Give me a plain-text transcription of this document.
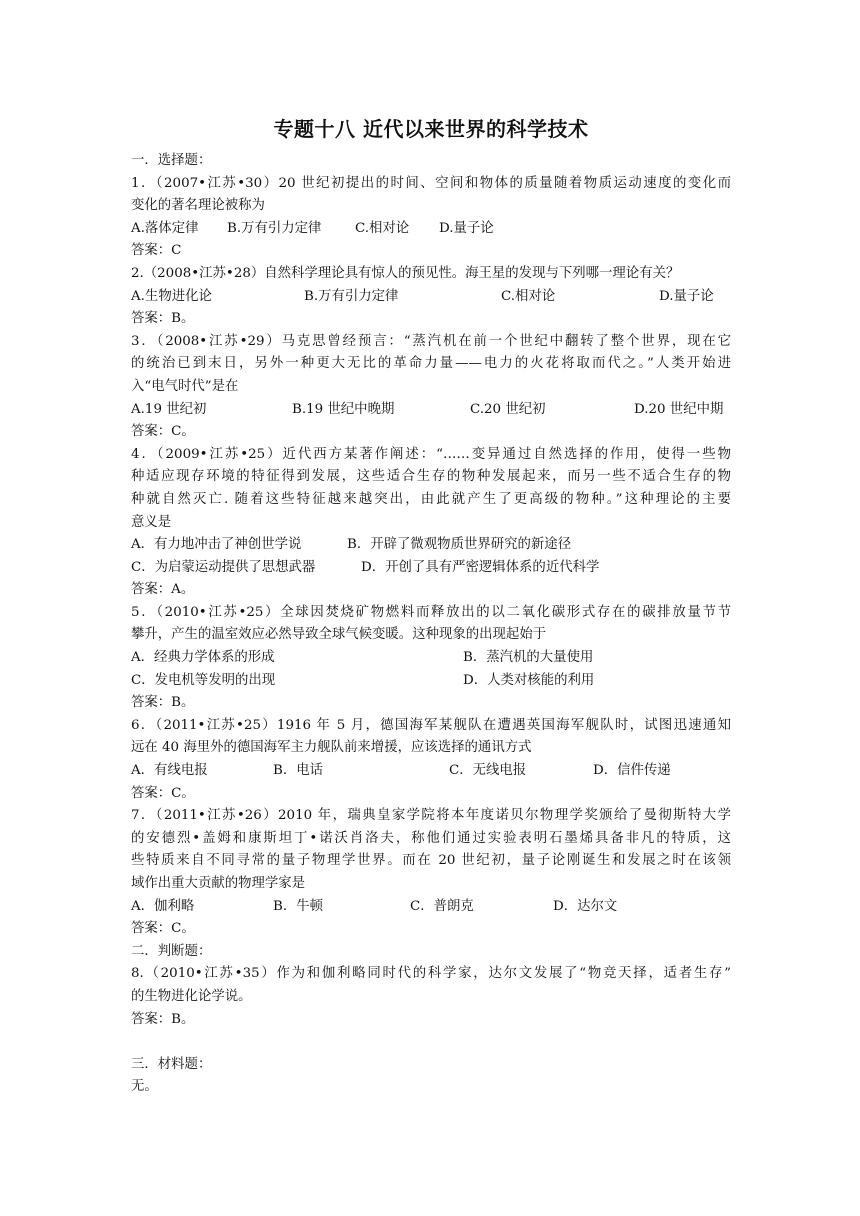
专题十八 近代以来世界的科学技术
一．选择题：
1．（2007•江苏•30）20 世纪初提出的时间、空间和物体的质量随着物质运动速度的变化而
变化的著名理论被称为
A.落体定律	B.万有引力定律	C.相对论	D.量子论
答案：C
2.（2008•江苏•28）自然科学理论具有惊人的预见性。海王星的发现与下列哪一理论有关？
A.生物进化论	B.万有引力定律	C.相对论	D.量子论
答案：B。
3．（2008•江苏•29）马克思曾经预言：“蒸汽机在前一个世纪中翻转了整个世界，现在它
的统治已到末日，另外一种更大无比的革命力量——电力的火花将取而代之。”人类开始进
入“电气时代”是在
A.19 世纪初	B.19 世纪中晚期	C.20 世纪初	D.20 世纪中期
答案：C。
4．（2009•江苏•25）近代西方某著作阐述：“……变异通过自然选择的作用，使得一些物
种适应现存环境的特征得到发展，这些适合生存的物种发展起来，而另一些不适合生存的物
种就自然灭亡. 随着这些特征越来越突出，由此就产生了更高级的物种。”这种理论的主要
意义是
A．有力地冲击了神创世学说	B．开辟了微观物质世界研究的新途径
C．为启蒙运动提供了思想武器	D．开创了具有严密逻辑体系的近代科学
答案：A。
5．（2010•江苏•25）全球因焚烧矿物燃料而释放出的以二氧化碳形式存在的碳排放量节节
攀升，产生的温室效应必然导致全球气候变暖。这种现象的出现起始于
A．经典力学体系的形成	B．蒸汽机的大量使用
C．发电机等发明的出现	D．人类对核能的利用
答案：B。
6．（2011•江苏•25）1916 年 5 月，德国海军某舰队在遭遇英国海军舰队时，试图迅速通知
远在 40 海里外的德国海军主力舰队前来增援，应该选择的通讯方式
A．有线电报	B．电话	C．无线电报	D．信件传递
答案：C。
7．（2011•江苏•26）2010 年，瑞典皇家学院将本年度诺贝尔物理学奖颁给了曼彻斯特大学
的安德烈•盖姆和康斯坦丁•诺沃肖洛夫，称他们通过实验表明石墨烯具备非凡的特质，这
些特质来自不同寻常的量子物理学世界。而在 20 世纪初，量子论刚诞生和发展之时在该领
域作出重大贡献的物理学家是
A．伽利略	B．牛顿	C．普朗克	D．达尔文
答案：C。
二．判断题：
8.（2010•江苏•35）作为和伽利略同时代的科学家，达尔文发展了“物竞天择，适者生存”
的生物进化论学说。
答案：B。
三．材料题：
无。
